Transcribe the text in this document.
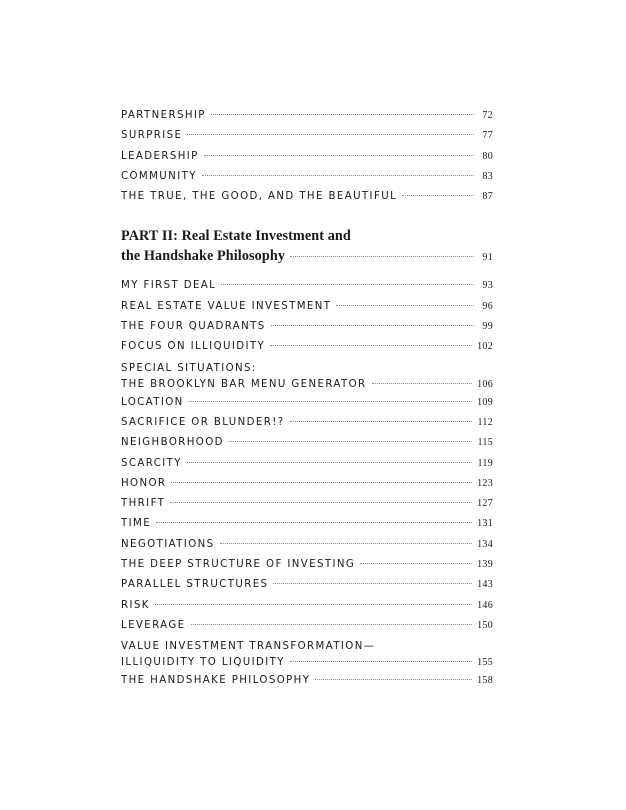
PARTNERSHIP	72
SURPRISE	77
LEADERSHIP	80
COMMUNITY	83
THE TRUE, THE GOOD, AND THE BEAUTIFUL	87
PART II: Real Estate Investment and
the Handshake Philosophy	91
MY FIRST DEAL	93
REAL ESTATE VALUE INVESTMENT	96
THE FOUR QUADRANTS	99
FOCUS ON ILLIQUIDITY	102
SPECIAL SITUATIONS:
THE BROOKLYN BAR MENU GENERATOR	106
LOCATION	109
SACRIFICE OR BLUNDER!?	112
NEIGHBORHOOD	115
SCARCITY	119
HONOR	123
THRIFT	127
TIME	131
NEGOTIATIONS	134
THE DEEP STRUCTURE OF INVESTING	139
PARALLEL STRUCTURES	143
RISK	146
LEVERAGE	150
VALUE INVESTMENT TRANSFORMATION—
ILLIQUIDITY TO LIQUIDITY	155
THE HANDSHAKE PHILOSOPHY	158
